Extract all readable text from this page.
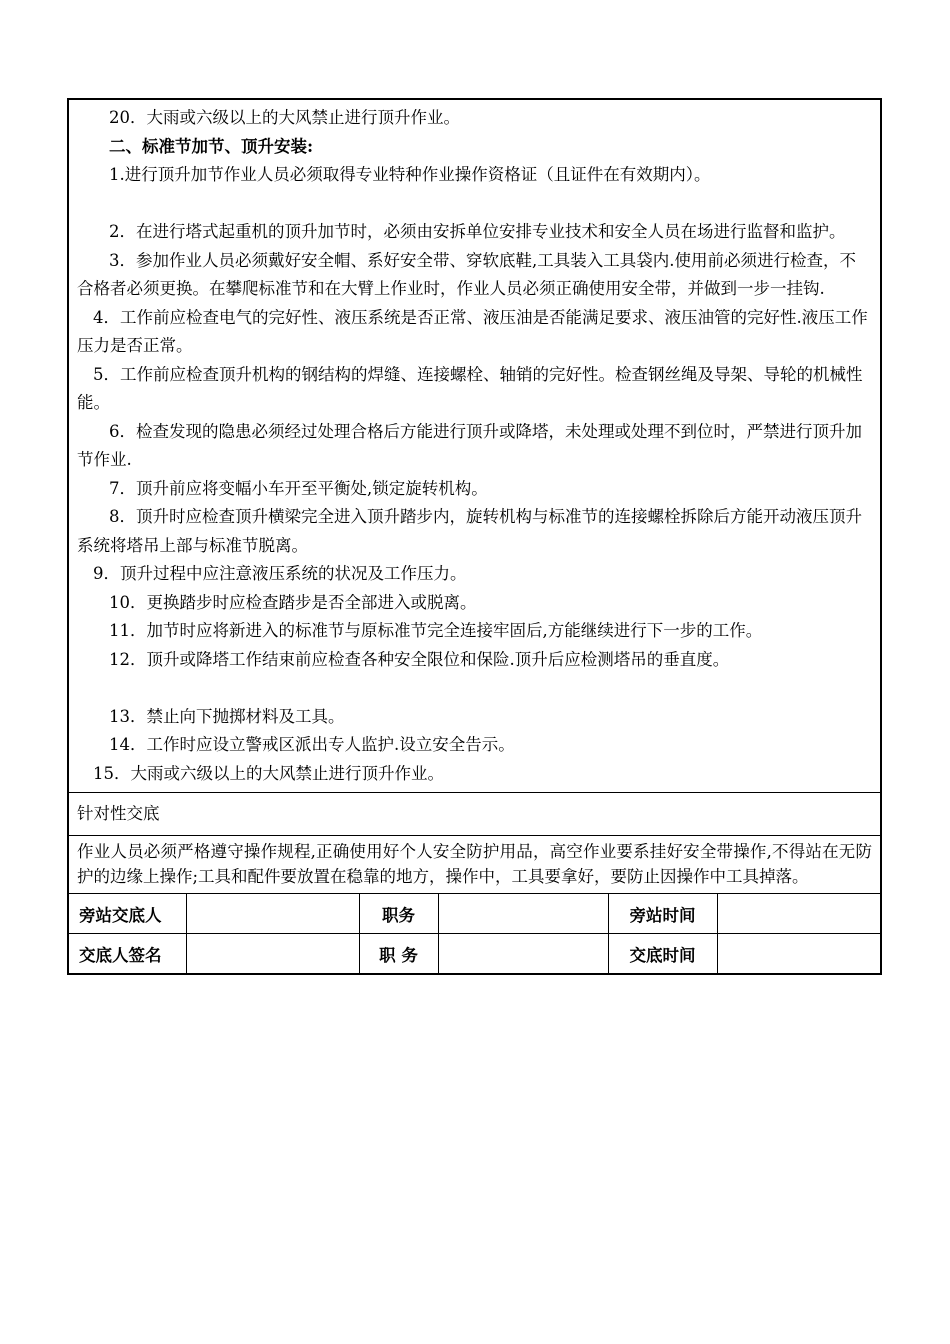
20．大雨或六级以上的大风禁止进行顶升作业。

二、标准节加节、顶升安装:

1.进行顶升加节作业人员必须取得专业特种作业操作资格证（且证件在有效期内）。

2．在进行塔式起重机的顶升加节时，必须由安拆单位安排专业技术和安全人员在场进行监督和监护。

3．参加作业人员必须戴好安全帽、系好安全带、穿软底鞋,工具装入工具袋内.使用前必须进行检查，不合格者必须更换。在攀爬标准节和在大臂上作业时，作业人员必须正确使用安全带，并做到一步一挂钩.

4．工作前应检查电气的完好性、液压系统是否正常、液压油是否能满足要求、液压油管的完好性.液压工作压力是否正常。

5．工作前应检查顶升机构的钢结构的焊缝、连接螺栓、轴销的完好性。检查钢丝绳及导架、导轮的机械性能。

6．检查发现的隐患必须经过处理合格后方能进行顶升或降塔，未处理或处理不到位时，严禁进行顶升加节作业.

7．顶升前应将变幅小车开至平衡处,锁定旋转机构。

8．顶升时应检查顶升横梁完全进入顶升踏步内，旋转机构与标准节的连接螺栓拆除后方能开动液压顶升系统将塔吊上部与标准节脱离。

9．顶升过程中应注意液压系统的状况及工作压力。

10．更换踏步时应检查踏步是否全部进入或脱离。

11．加节时应将新进入的标准节与原标准节完全连接牢固后,方能继续进行下一步的工作。

12．顶升或降塔工作结束前应检查各种安全限位和保险.顶升后应检测塔吊的垂直度。

13．禁止向下抛掷材料及工具。

14．工作时应设立警戒区派出专人监护.设立安全告示。

15．大雨或六级以上的大风禁止进行顶升作业。

针对性交底
作业人员必须严格遵守操作规程,正确使用好个人安全防护用品，高空作业要系挂好安全带操作,不得站在无防护的边缘上操作;工具和配件要放置在稳靠的地方，操作中，工具要拿好，要防止因操作中工具掉落。
旁站交底人		职务		旁站时间	
交底人签名		职 务		交底时间	
